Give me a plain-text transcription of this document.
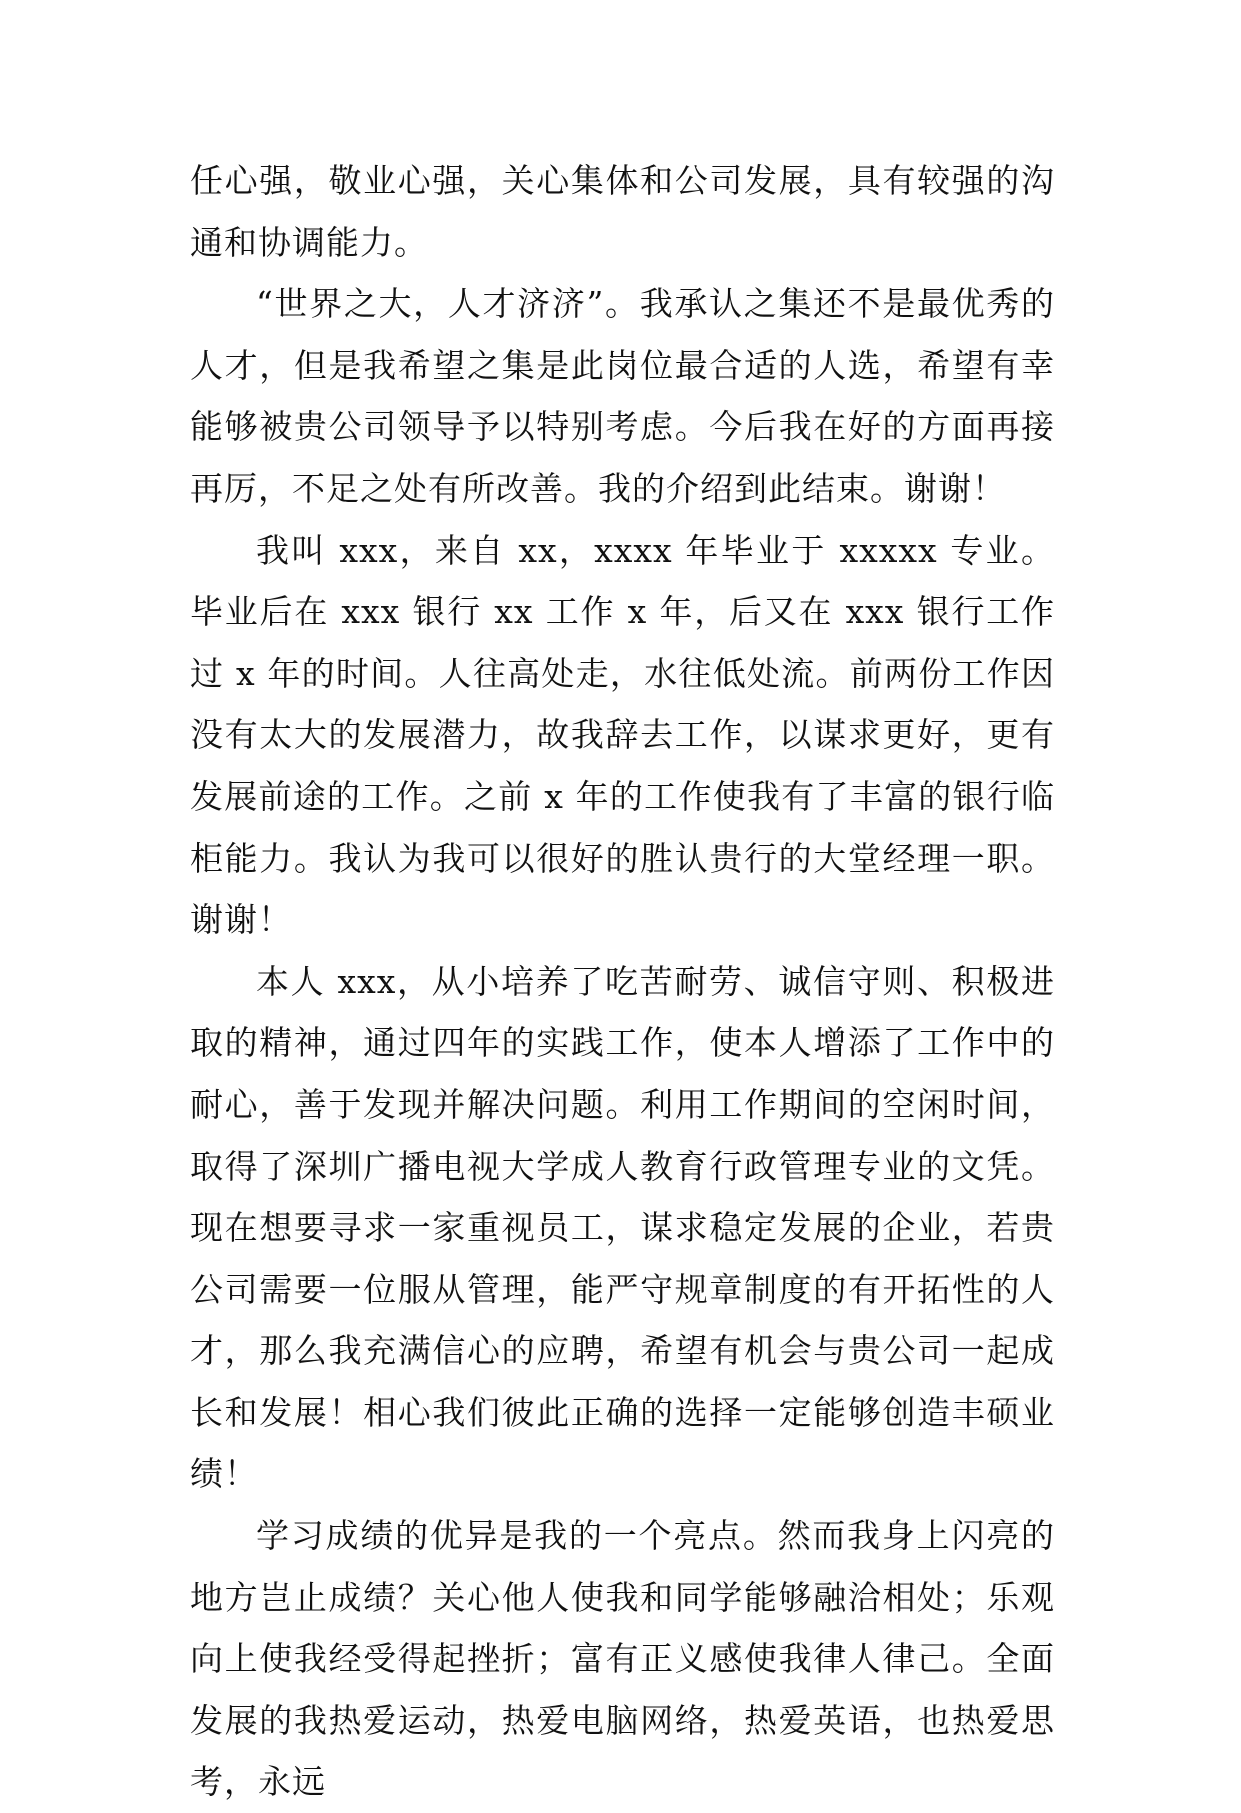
任心强，敬业心强，关心集体和公司发展，具有较强的沟通和协调能力。

“世界之大，人才济济”。我承认之集还不是最优秀的人才，但是我希望之集是此岗位最合适的人选，希望有幸能够被贵公司领导予以特别考虑。今后我在好的方面再接再厉，不足之处有所改善。我的介绍到此结束。谢谢！

我叫 xxx，来自 xx，xxxx 年毕业于 xxxxx 专业。毕业后在 xxx 银行 xx 工作 x 年，后又在 xxx 银行工作过 x 年的时间。人往高处走，水往低处流。前两份工作因没有太大的发展潜力，故我辞去工作，以谋求更好，更有发展前途的工作。之前 x 年的工作使我有了丰富的银行临柜能力。我认为我可以很好的胜认贵行的大堂经理一职。谢谢！

本人 xxx，从小培养了吃苦耐劳、诚信守则、积极进取的精神，通过四年的实践工作，使本人增添了工作中的耐心，善于发现并解决问题。利用工作期间的空闲时间，取得了深圳广播电视大学成人教育行政管理专业的文凭。现在想要寻求一家重视员工，谋求稳定发展的企业，若贵公司需要一位服从管理，能严守规章制度的有开拓性的人才，那么我充满信心的应聘，希望有机会与贵公司一起成长和发展！相心我们彼此正确的选择一定能够创造丰硕业绩！

学习成绩的优异是我的一个亮点。然而我身上闪亮的地方岂止成绩？关心他人使我和同学能够融洽相处；乐观向上使我经受得起挫折；富有正义感使我律人律己。全面发展的我热爱运动，热爱电脑网络，热爱英语，也热爱思考，永远
